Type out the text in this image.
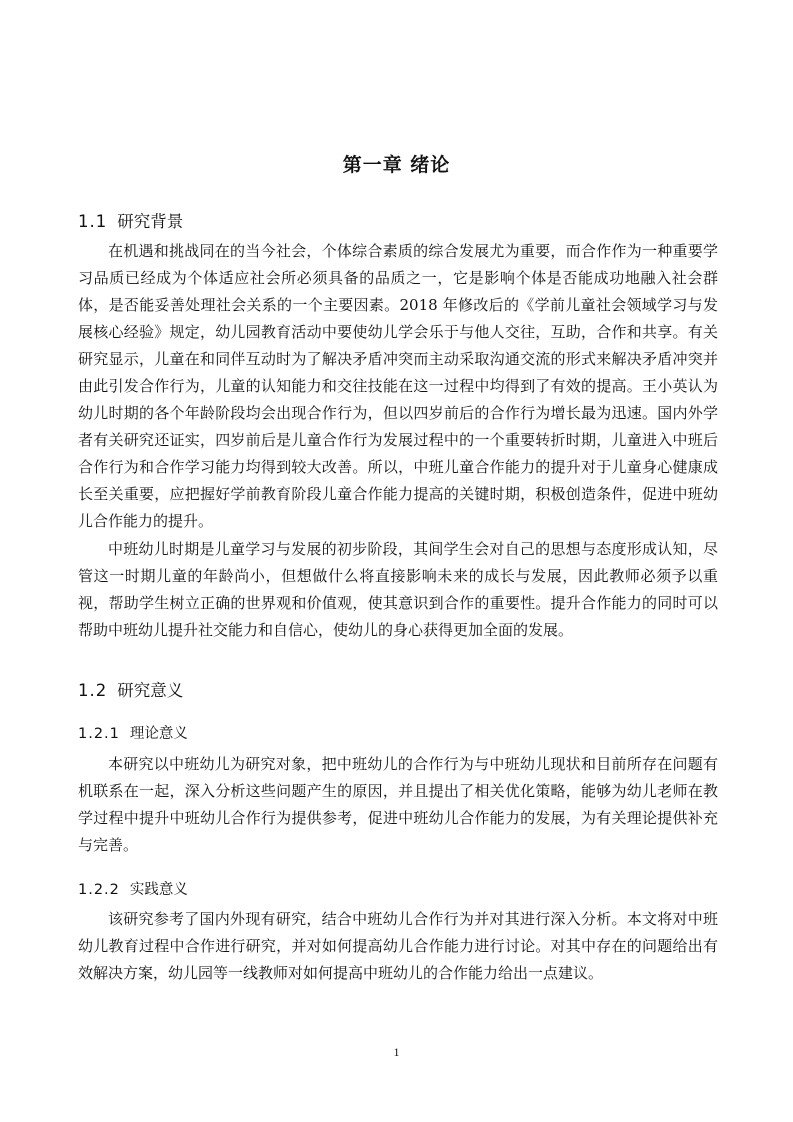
第一章 绪论
1.1 研究背景

在机遇和挑战同在的当今社会，个体综合素质的综合发展尤为重要，而合作作为一种重要学习品质已经成为个体适应社会所必须具备的品质之一，它是影响个体是否能成功地融入社会群体，是否能妥善处理社会关系的一个主要因素。2018 年修改后的《学前儿童社会领域学习与发展核心经验》规定，幼儿园教育活动中要使幼儿学会乐于与他人交往，互助，合作和共享。有关研究显示，儿童在和同伴互动时为了解决矛盾冲突而主动采取沟通交流的形式来解决矛盾冲突并由此引发合作行为，儿童的认知能力和交往技能在这一过程中均得到了有效的提高。王小英认为幼儿时期的各个年龄阶段均会出现合作行为，但以四岁前后的合作行为增长最为迅速。国内外学者有关研究还证实，四岁前后是儿童合作行为发展过程中的一个重要转折时期，儿童进入中班后合作行为和合作学习能力均得到较大改善。所以，中班儿童合作能力的提升对于儿童身心健康成长至关重要，应把握好学前教育阶段儿童合作能力提高的关键时期，积极创造条件，促进中班幼儿合作能力的提升。

中班幼儿时期是儿童学习与发展的初步阶段，其间学生会对自己的思想与态度形成认知，尽管这一时期儿童的年龄尚小，但想做什么将直接影响未来的成长与发展，因此教师必须予以重视，帮助学生树立正确的世界观和价值观，使其意识到合作的重要性。提升合作能力的同时可以帮助中班幼儿提升社交能力和自信心，使幼儿的身心获得更加全面的发展。

1.2 研究意义
1.2.1 理论意义

本研究以中班幼儿为研究对象，把中班幼儿的合作行为与中班幼儿现状和目前所存在问题有机联系在一起，深入分析这些问题产生的原因，并且提出了相关优化策略，能够为幼儿老师在教学过程中提升中班幼儿合作行为提供参考，促进中班幼儿合作能力的发展，为有关理论提供补充与完善。

1.2.2 实践意义

该研究参考了国内外现有研究，结合中班幼儿合作行为并对其进行深入分析。本文将对中班幼儿教育过程中合作进行研究，并对如何提高幼儿合作能力进行讨论。对其中存在的问题给出有效解决方案，幼儿园等一线教师对如何提高中班幼儿的合作能力给出一点建议。

1
